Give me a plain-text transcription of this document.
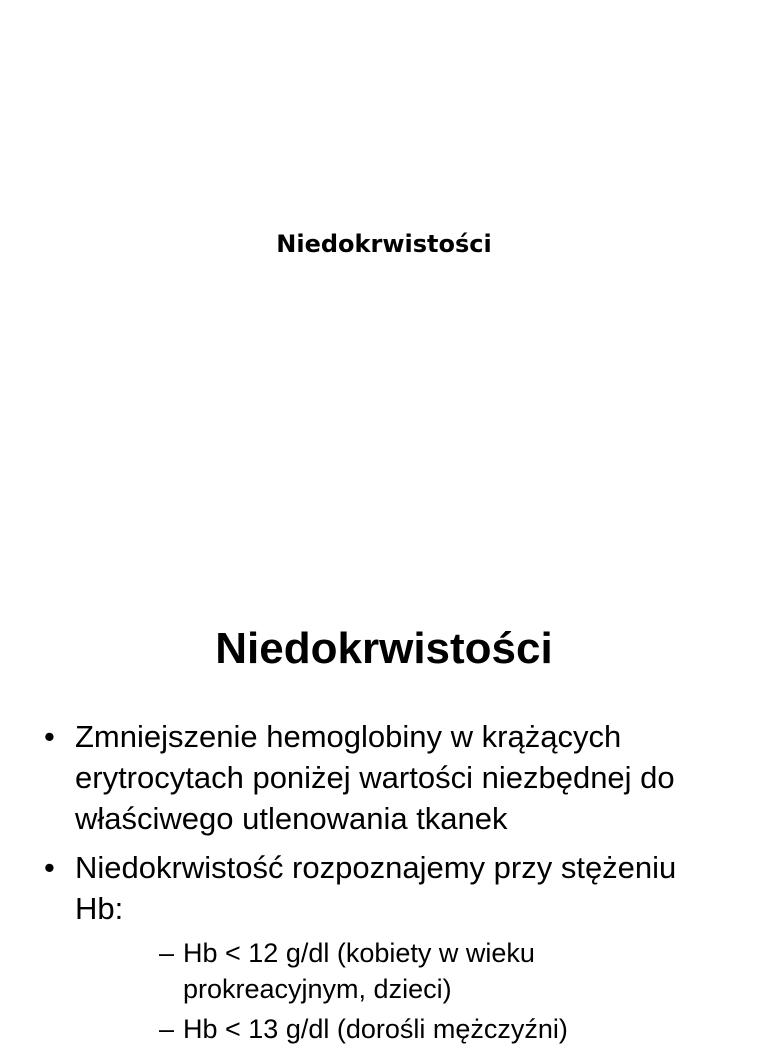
Niedokrwistości
Niedokrwistości
• Zmniejszenie hemoglobiny w krążących erytrocytach poniżej wartości niezbędnej do właściwego utlenowania tkanek
• Niedokrwistość rozpoznajemy przy stężeniu Hb:
– Hb < 12 g/dl (kobiety w wieku prokreacyjnym, dzieci)
– Hb < 13 g/dl (dorośli mężczyźni)
